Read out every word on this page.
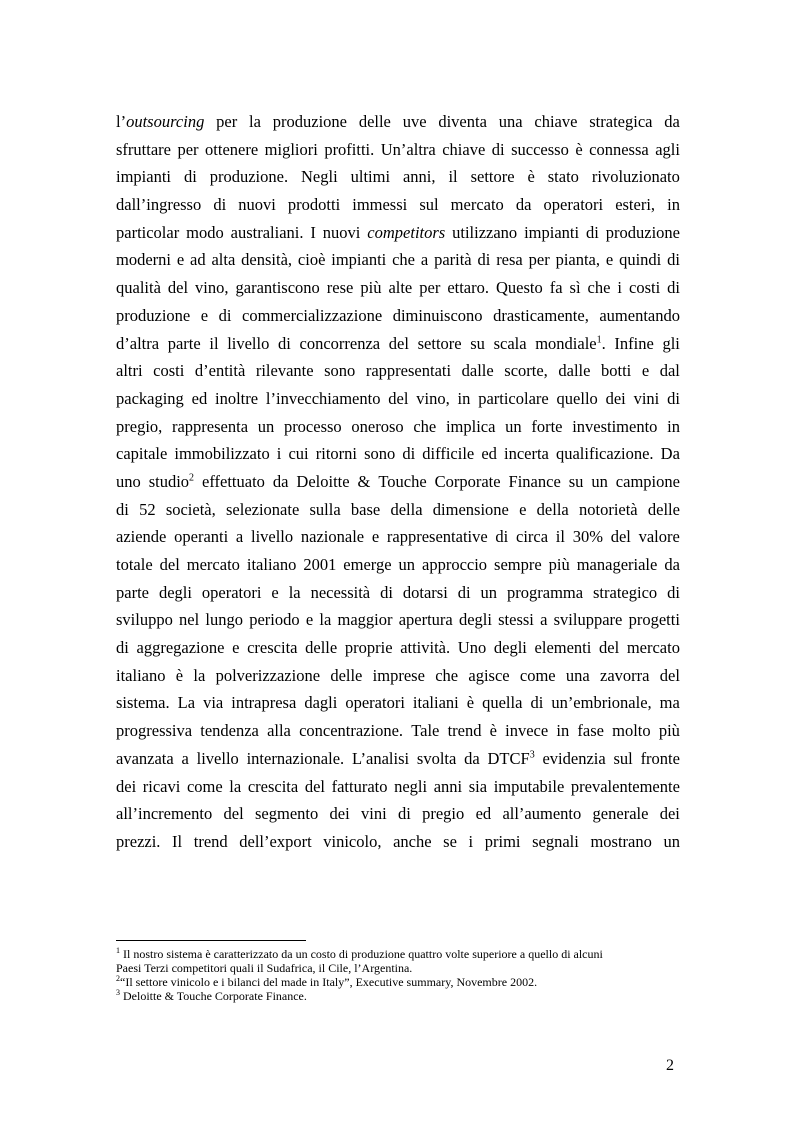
l’outsourcing per la produzione delle uve diventa una chiave strategica da
sfruttare per ottenere migliori profitti. Un’altra chiave di successo è connessa agli
impianti di produzione. Negli ultimi anni, il settore è stato rivoluzionato
dall’ingresso di nuovi prodotti immessi sul mercato da operatori esteri, in
particolar modo australiani. I nuovi competitors utilizzano impianti di produzione
moderni e ad alta densità, cioè impianti che a parità di resa per pianta, e quindi di
qualità del vino, garantiscono rese più alte per ettaro. Questo fa sì che i costi di
produzione e di commercializzazione diminuiscono drasticamente, aumentando
d’altra parte il livello di concorrenza del settore su scala mondiale$^1$. Infine gli
altri costi d’entità rilevante sono rappresentati dalle scorte, dalle botti e dal
packaging ed inoltre l’invecchiamento del vino, in particolare quello dei vini di
pregio, rappresenta un processo oneroso che implica un forte investimento in
capitale immobilizzato i cui ritorni sono di difficile ed incerta qualificazione. Da
uno studio$^2$ effettuato da Deloitte & Touche Corporate Finance su un campione
di 52 società, selezionate sulla base della dimensione e della notorietà delle
aziende operanti a livello nazionale e rappresentative di circa il 30% del valore
totale del mercato italiano 2001 emerge un approccio sempre più manageriale da
parte degli operatori e la necessità di dotarsi di un programma strategico di
sviluppo nel lungo periodo e la maggior apertura degli stessi a sviluppare progetti
di aggregazione e crescita delle proprie attività. Uno degli elementi del mercato
italiano è la polverizzazione delle imprese che agisce come una zavorra del
sistema. La via intrapresa dagli operatori italiani è quella di un’embrionale, ma
progressiva tendenza alla concentrazione. Tale trend è invece in fase molto più
avanzata a livello internazionale. L’analisi svolta da DTCF$^3$ evidenzia sul fronte
dei ricavi come la crescita del fatturato negli anni sia imputabile prevalentemente
all’incremento del segmento dei vini di pregio ed all’aumento generale dei
prezzi. Il trend dell’export vinicolo, anche se i primi segnali mostrano un

$^1$ Il nostro sistema è caratterizzato da un costo di produzione quattro volte superiore a quello di alcuni
Paesi Terzi competitori quali il Sudafrica, il Cile, l’Argentina.

$^2$“Il settore vinicolo e i bilanci del made in Italy”, Executive summary, Novembre 2002.

$^3$ Deloitte & Touche Corporate Finance.

2
